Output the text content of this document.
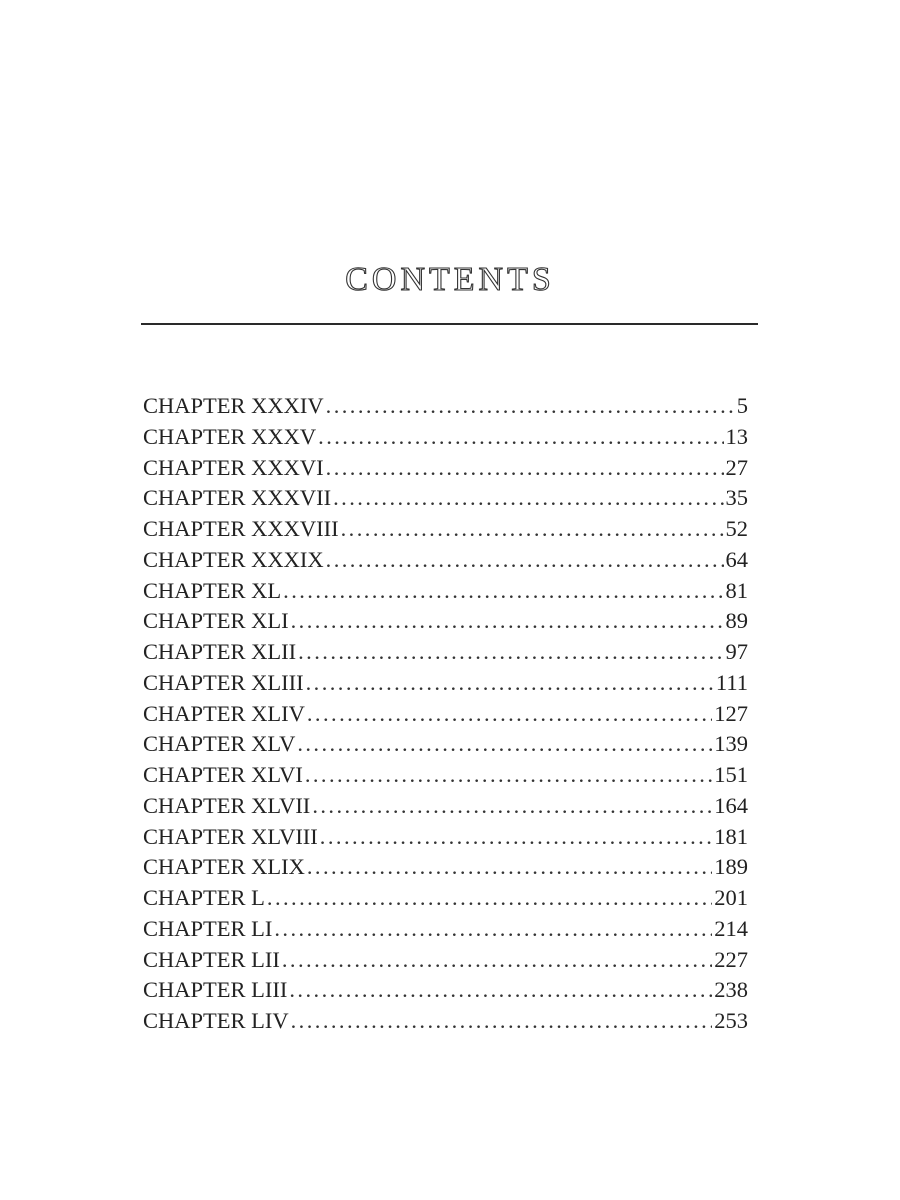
CONTENTS
CHAPTER XXXIV . . .	5
CHAPTER XXXV . . .	13
CHAPTER XXXVI . . .	27
CHAPTER XXXVII . . .	35
CHAPTER XXXVIII . . .	52
CHAPTER XXXIX . . .	64
CHAPTER XL . . .	81
CHAPTER XLI . . .	89
CHAPTER XLII . . .	97
CHAPTER XLIII . . .	111
CHAPTER XLIV . . .	127
CHAPTER XLV . . .	139
CHAPTER XLVI . . .	151
CHAPTER XLVII . . .	164
CHAPTER XLVIII . . .	181
CHAPTER XLIX . . .	189
CHAPTER L . . .	201
CHAPTER LI . . .	214
CHAPTER LII . . .	227
CHAPTER LIII . . .	238
CHAPTER LIV . . .	253
